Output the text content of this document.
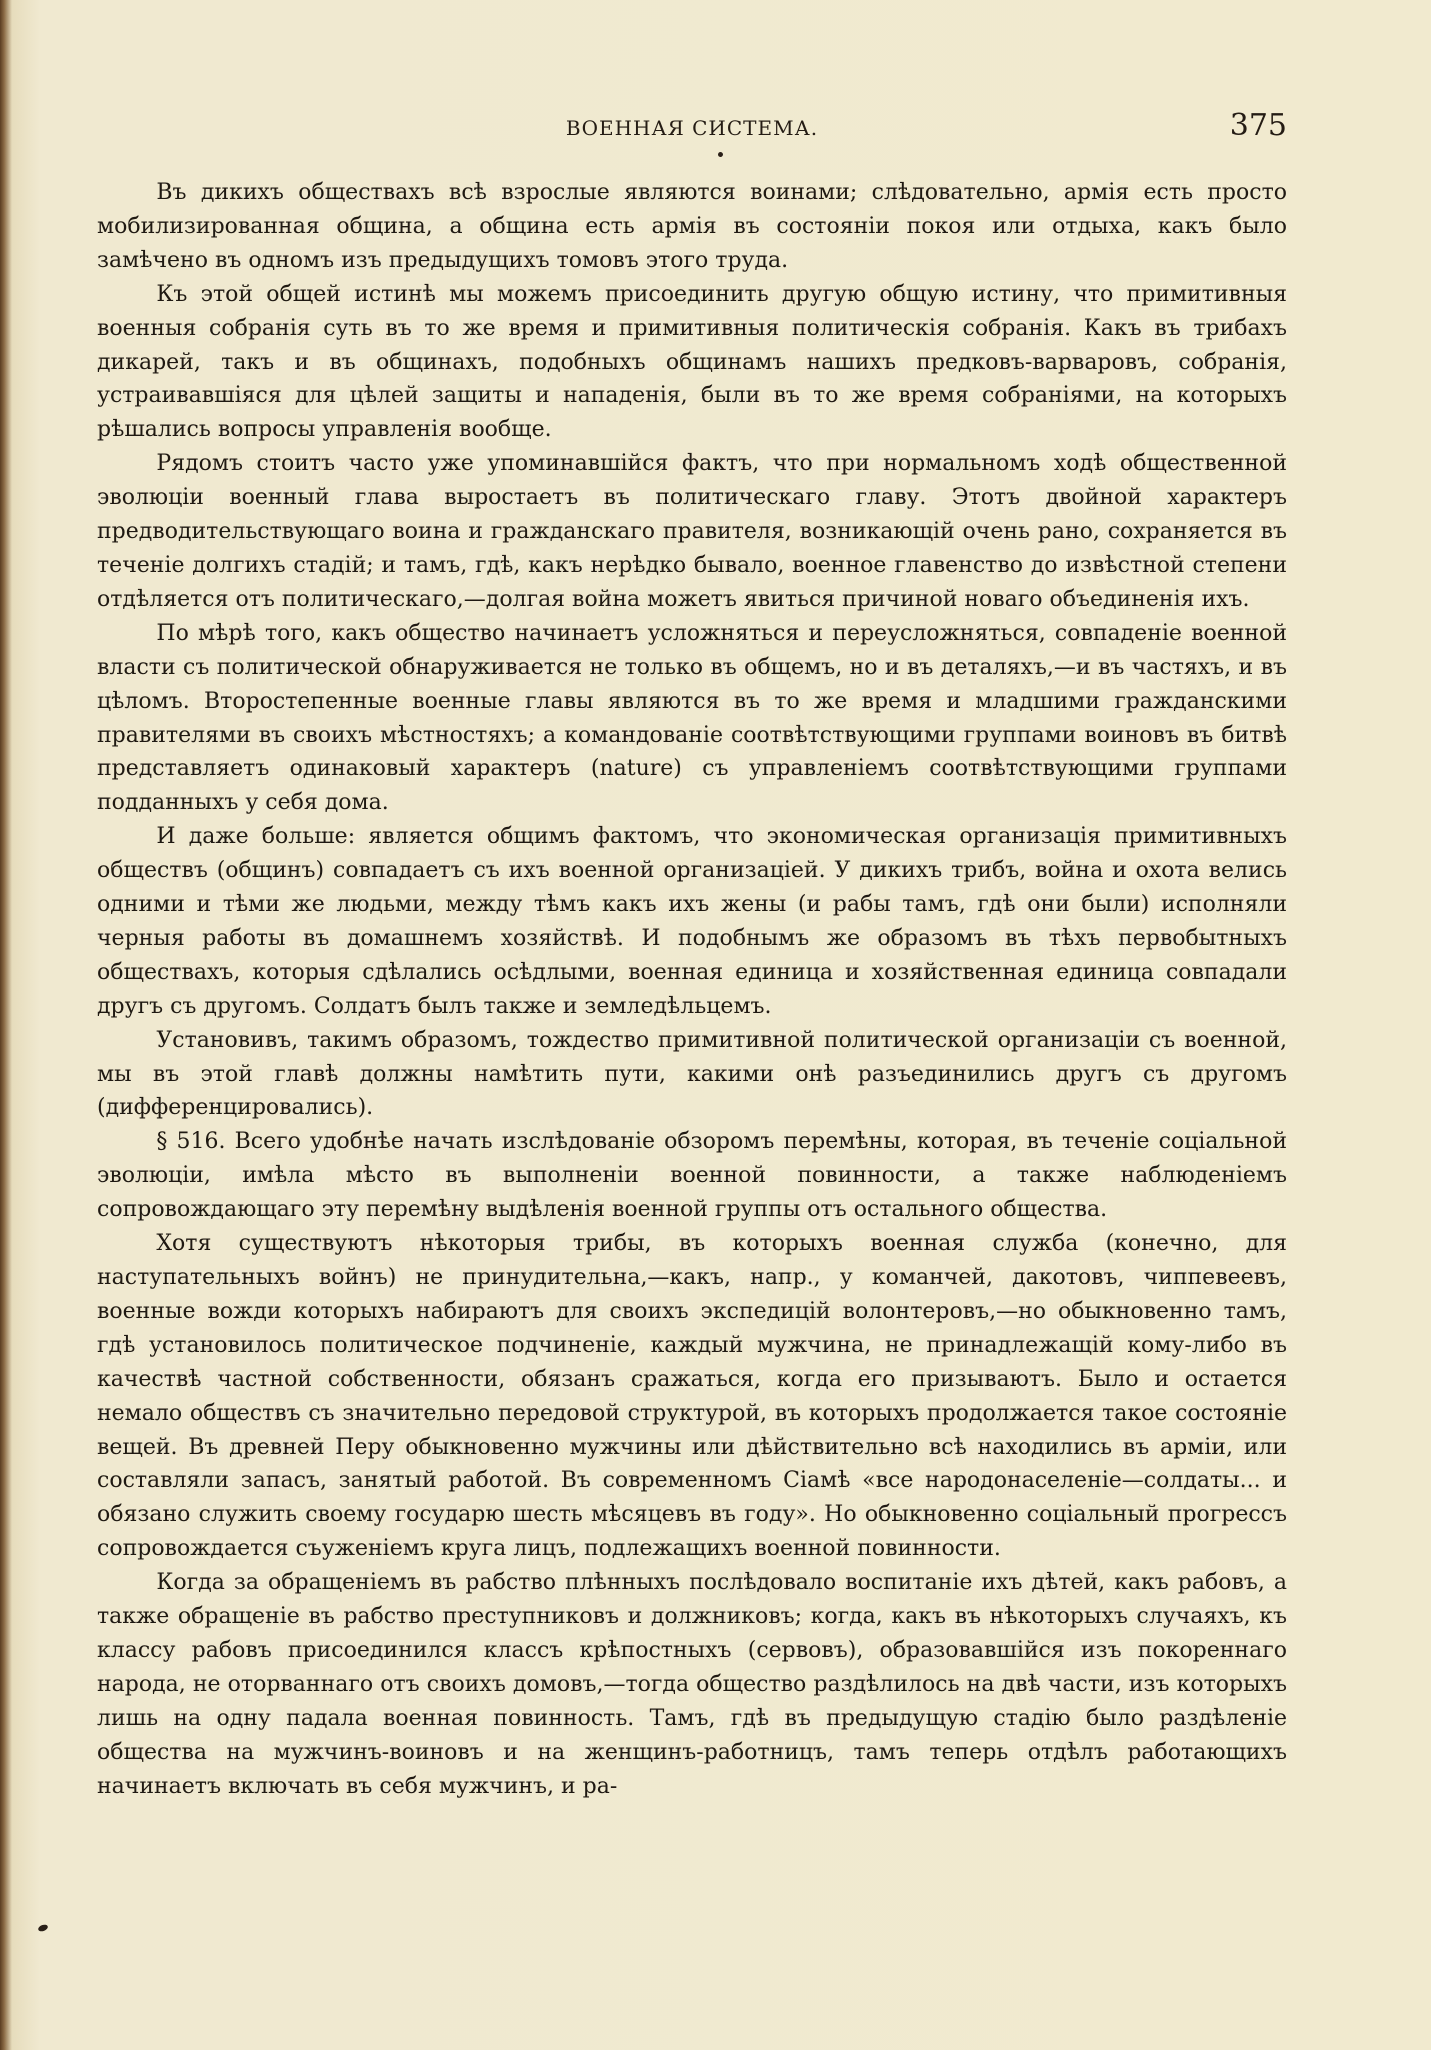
ВОЕННАЯ СИСТЕМА.	375

Въ дикихъ обществахъ всѣ взрослые являются воинами; слѣдовательно, армія есть просто мобилизированная община, а община есть армія въ состояніи покоя или отдыха, какъ было замѣчено въ одномъ изъ предыдущихъ томовъ этого труда.

Къ этой общей истинѣ мы можемъ присоединить другую общую истину, что примитивныя военныя собранія суть въ то же время и примитивныя политическія собранія. Какъ въ трибахъ дикарей, такъ и въ общинахъ, подобныхъ общинамъ нашихъ предковъ-варваровъ, собранія, устраивавшіяся для цѣлей защиты и нападенія, были въ то же время собраніями, на которыхъ рѣшались вопросы управленія вообще.

Рядомъ стоитъ часто уже упоминавшійся фактъ, что при нормальномъ ходѣ общественной эволюціи военный глава выростаетъ въ политическаго главу. Этотъ двойной характеръ предводительствующаго воина и гражданскаго правителя, возникающій очень рано, сохраняется въ теченіе долгихъ стадій; и тамъ, гдѣ, какъ нерѣдко бывало, военное главенство до извѣстной степени отдѣляется отъ политическаго,—долгая война можетъ явиться причиной новаго объединенія ихъ.

По мѣрѣ того, какъ общество начинаетъ усложняться и переусложняться, совпаденіе военной власти съ политической обнаруживается не только въ общемъ, но и въ деталяхъ,—и въ частяхъ, и въ цѣломъ. Второстепенные военные главы являются въ то же время и младшими гражданскими правителями въ своихъ мѣстностяхъ; а командованіе соотвѣтствующими группами воиновъ въ битвѣ представляетъ одинаковый характеръ (nature) съ управленіемъ соотвѣтствующими группами подданныхъ у себя дома.

И даже больше: является общимъ фактомъ, что экономическая организація примитивныхъ обществъ (общинъ) совпадаетъ съ ихъ военной организаціей. У дикихъ трибъ, война и охота велись одними и тѣми же людьми, между тѣмъ какъ ихъ жены (и рабы тамъ, гдѣ они были) исполняли черныя работы въ домашнемъ хозяйствѣ. И подобнымъ же образомъ въ тѣхъ первобытныхъ обществахъ, которыя сдѣлались осѣдлыми, военная единица и хозяйственная единица совпадали другъ съ другомъ. Солдатъ былъ также и земледѣльцемъ.

Установивъ, такимъ образомъ, тождество примитивной политической организаціи съ военной, мы въ этой главѣ должны намѣтить пути, какими онѣ разъединились другъ съ другомъ (дифференцировались).

§ 516. Всего удобнѣе начать изслѣдованіе обзоромъ перемѣны, которая, въ теченіе соціальной эволюціи, имѣла мѣсто въ выполненіи военной повинности, а также наблюденіемъ сопровождающаго эту перемѣну выдѣленія военной группы отъ остального общества.

Хотя существуютъ нѣкоторыя трибы, въ которыхъ военная служба (конечно, для наступательныхъ войнъ) не принудительна,—какъ, напр., у команчей, дакотовъ, чиппевеевъ, военные вожди которыхъ набираютъ для своихъ экспедицій волонтеровъ,—но обыкновенно тамъ, гдѣ установилось политическое подчиненіе, каждый мужчина, не принадлежащій кому-либо въ качествѣ частной собственности, обязанъ сражаться, когда его призываютъ. Было и остается немало обществъ съ значительно передовой структурой, въ которыхъ продолжается такое состояніе вещей. Въ древней Перу обыкновенно мужчины или дѣйствительно всѣ находились въ арміи, или составляли запасъ, занятый работой. Въ современномъ Сіамѣ «все народонаселеніе—солдаты... и обязано служить своему государю шесть мѣсяцевъ въ году». Но обыкновенно соціальный прогрессъ сопровождается съуженіемъ круга лицъ, подлежащихъ военной повинности.

Когда за обращеніемъ въ рабство плѣнныхъ послѣдовало воспитаніе ихъ дѣтей, какъ рабовъ, а также обращеніе въ рабство преступниковъ и должниковъ; когда, какъ въ нѣкоторыхъ случаяхъ, къ классу рабовъ присоединился классъ крѣпостныхъ (сервовъ), образовавшійся изъ покореннаго народа, не оторваннаго отъ своихъ домовъ,—тогда общество раздѣлилось на двѣ части, изъ которыхъ лишь на одну падала военная повинность. Тамъ, гдѣ въ предыдущую стадію было раздѣленіе общества на мужчинъ-воиновъ и на женщинъ-работницъ, тамъ теперь отдѣлъ работающихъ начинаетъ включать въ себя мужчинъ, и ра-
